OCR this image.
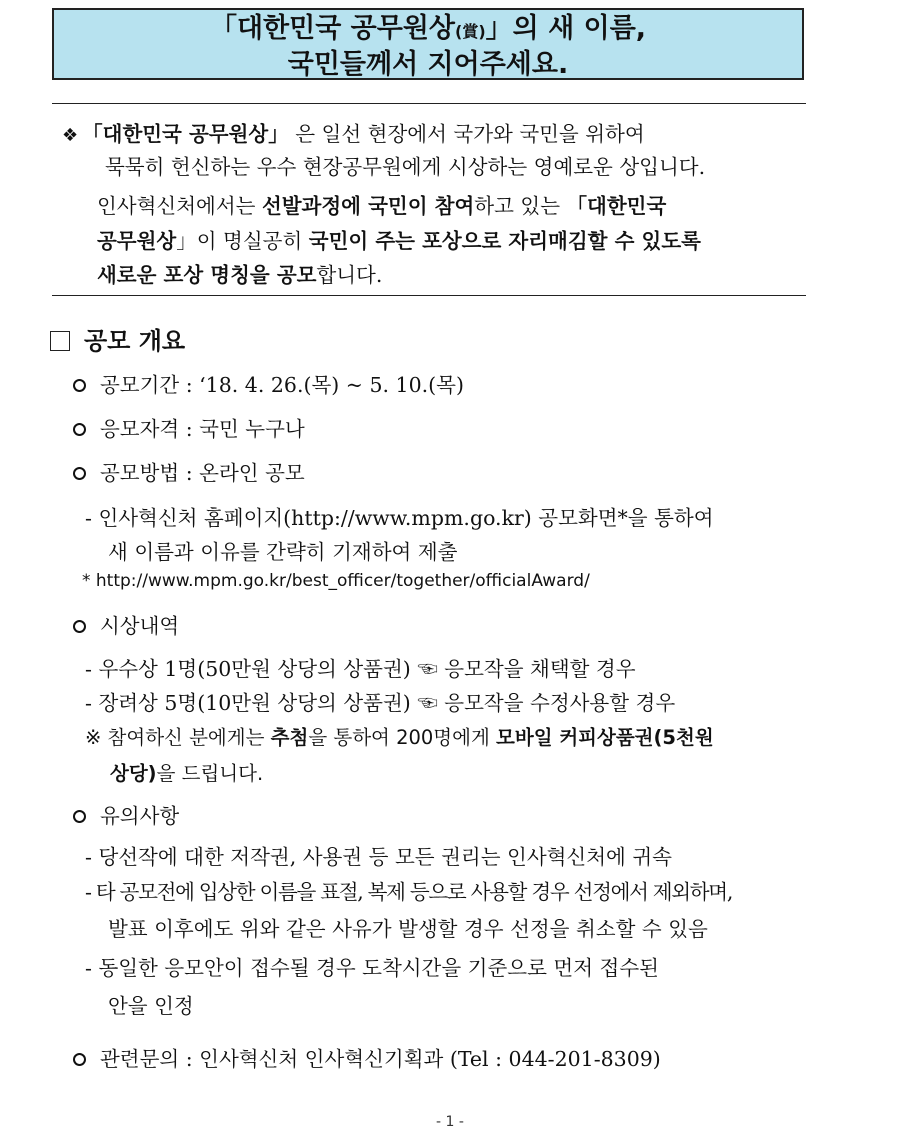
「대한민국 공무원상(賞)」의 새 이름,
국민들께서 지어주세요.
❖ 「대한민국 공무원상」 은 일선 현장에서 국가와 국민을 위하여
묵묵히 헌신하는 우수 현장공무원에게 시상하는 영예로운 상입니다.
인사혁신처에서는 선발과정에 국민이 참여하고 있는 「대한민국
공무원상」이 명실공히 국민이 주는 포상으로 자리매김할 수 있도록
새로운 포상 명칭을 공모합니다.
공모 개요
공모기간 : ‘18. 4. 26.(목) ~ 5. 10.(목)
응모자격 : 국민 누구나
공모방법 : 온라인 공모
- 인사혁신처 홈페이지(http://www.mpm.go.kr) 공모화면*을 통하여
새 이름과 이유를 간략히 기재하여 제출
* http://www.mpm.go.kr/best_officer/together/officialAward/
시상내역
- 우수상 1명(50만원 상당의 상품권) ☜ 응모작을 채택할 경우
- 장려상 5명(10만원 상당의 상품권) ☜ 응모작을 수정사용할 경우
※ 참여하신 분에게는 추첨을 통하여 200명에게 모바일 커피상품권(5천원
상당)을 드립니다.
유의사항
- 당선작에 대한 저작권, 사용권 등 모든 권리는 인사혁신처에 귀속
- 타 공모전에 입상한 이름을 표절, 복제 등으로 사용할 경우 선정에서 제외하며,
발표 이후에도 위와 같은 사유가 발생할 경우 선정을 취소할 수 있음
- 동일한 응모안이 접수될 경우 도착시간을 기준으로 먼저 접수된
안을 인정
관련문의 : 인사혁신처 인사혁신기획과 (Tel : 044-201-8309)
- 1 -
